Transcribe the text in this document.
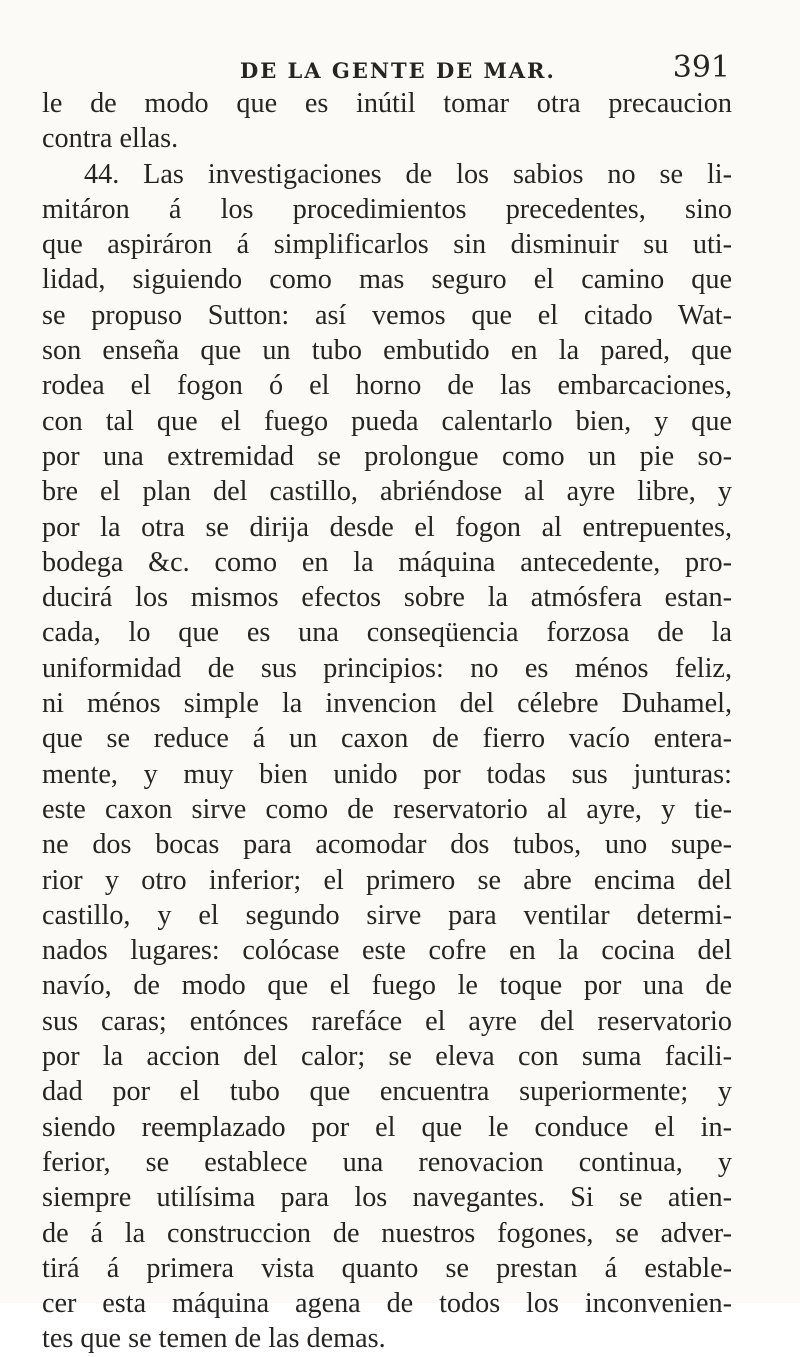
DE LA GENTE DE MAR.	391
le de modo que es inútil tomar otra precaucion
contra ellas.
44. Las investigaciones de los sabios no se li-
mitáron á los procedimientos precedentes, sino
que aspiráron á simplificarlos sin disminuir su uti-
lidad, siguiendo como mas seguro el camino que
se propuso Sutton: así vemos que el citado Wat-
son enseña que un tubo embutido en la pared, que
rodea el fogon ó el horno de las embarcaciones,
con tal que el fuego pueda calentarlo bien, y que
por una extremidad se prolongue como un pie so-
bre el plan del castillo, abriéndose al ayre libre, y
por la otra se dirija desde el fogon al entrepuentes,
bodega &c. como en la máquina antecedente, pro-
ducirá los mismos efectos sobre la atmósfera estan-
cada, lo que es una conseqüencia forzosa de la
uniformidad de sus principios: no es ménos feliz,
ni ménos simple la invencion del célebre Duhamel,
que se reduce á un caxon de fierro vacío entera-
mente, y muy bien unido por todas sus junturas:
este caxon sirve como de reservatorio al ayre, y tie-
ne dos bocas para acomodar dos tubos, uno supe-
rior y otro inferior; el primero se abre encima del
castillo, y el segundo sirve para ventilar determi-
nados lugares: colócase este cofre en la cocina del
navío, de modo que el fuego le toque por una de
sus caras; entónces rarefáce el ayre del reservatorio
por la accion del calor; se eleva con suma facili-
dad por el tubo que encuentra superiormente; y
siendo reemplazado por el que le conduce el in-
ferior, se establece una renovacion continua, y
siempre utilísima para los navegantes. Si se atien-
de á la construccion de nuestros fogones, se adver-
tirá á primera vista quanto se prestan á estable-
cer esta máquina agena de todos los inconvenien-
tes que se temen de las demas.
